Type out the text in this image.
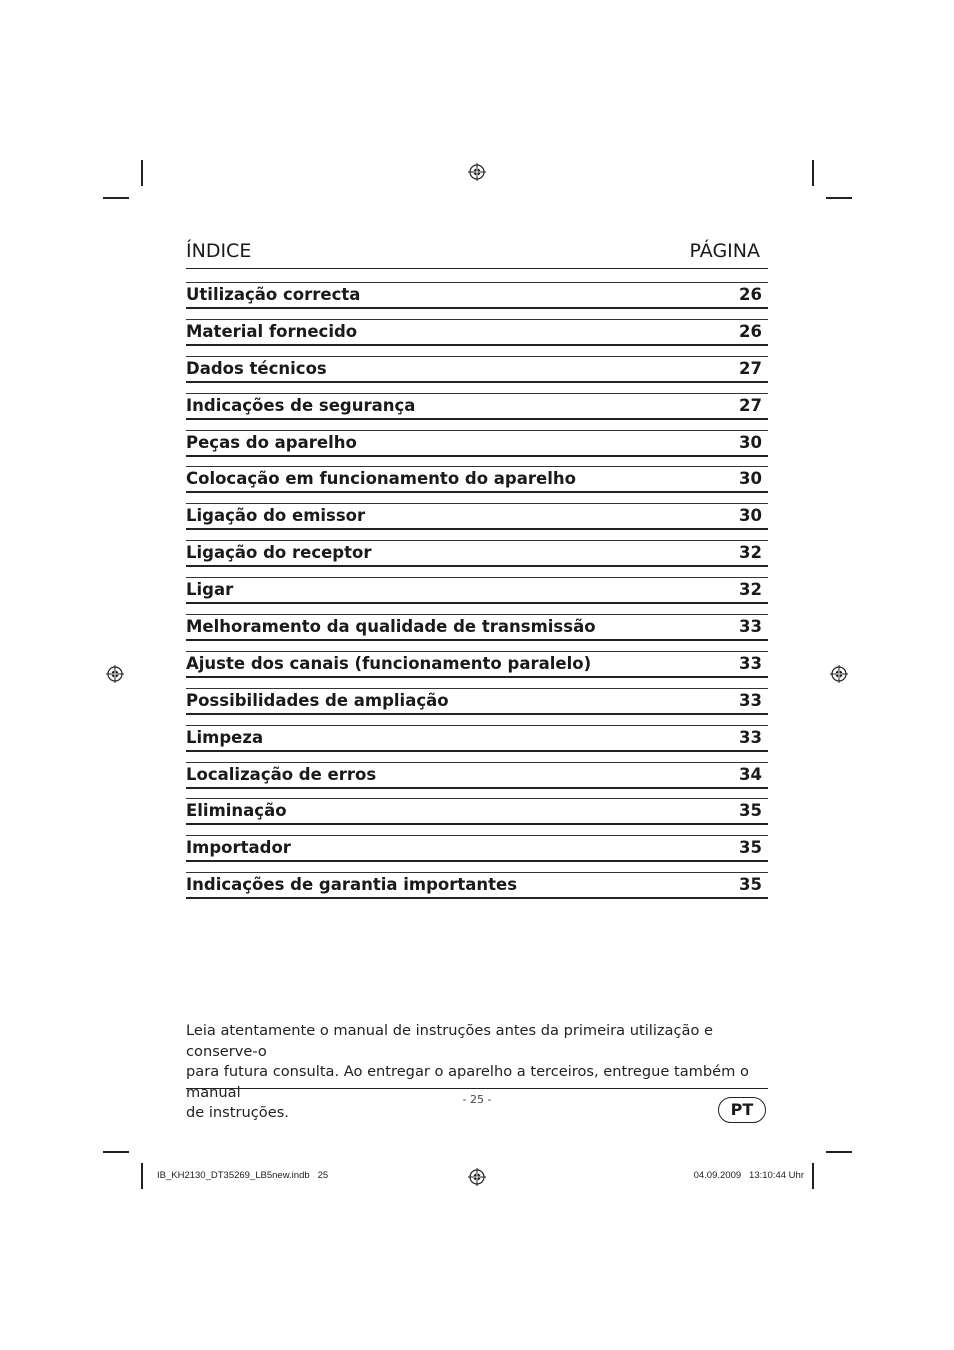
ÍNDICE	PÁGINA
Utilização correcta	26
Material fornecido	26
Dados técnicos	27
Indicações de segurança	27
Peças do aparelho	30
Colocação em funcionamento do aparelho	30
Ligação do emissor	30
Ligação do receptor	32
Ligar	32
Melhoramento da qualidade de transmissão	33
Ajuste dos canais (funcionamento paralelo)	33
Possibilidades de ampliação	33
Limpeza	33
Localização de erros	34
Eliminação	35
Importador	35
Indicações de garantia importantes	35
Leia atentamente o manual de instruções antes da primeira utilização e conserve-o
para futura consulta. Ao entregar o aparelho a terceiros, entregue também o manual
de instruções.
- 25 -
PT
IB_KH2130_DT35269_LB5new.indb   25	04.09.2009   13:10:44 Uhr
